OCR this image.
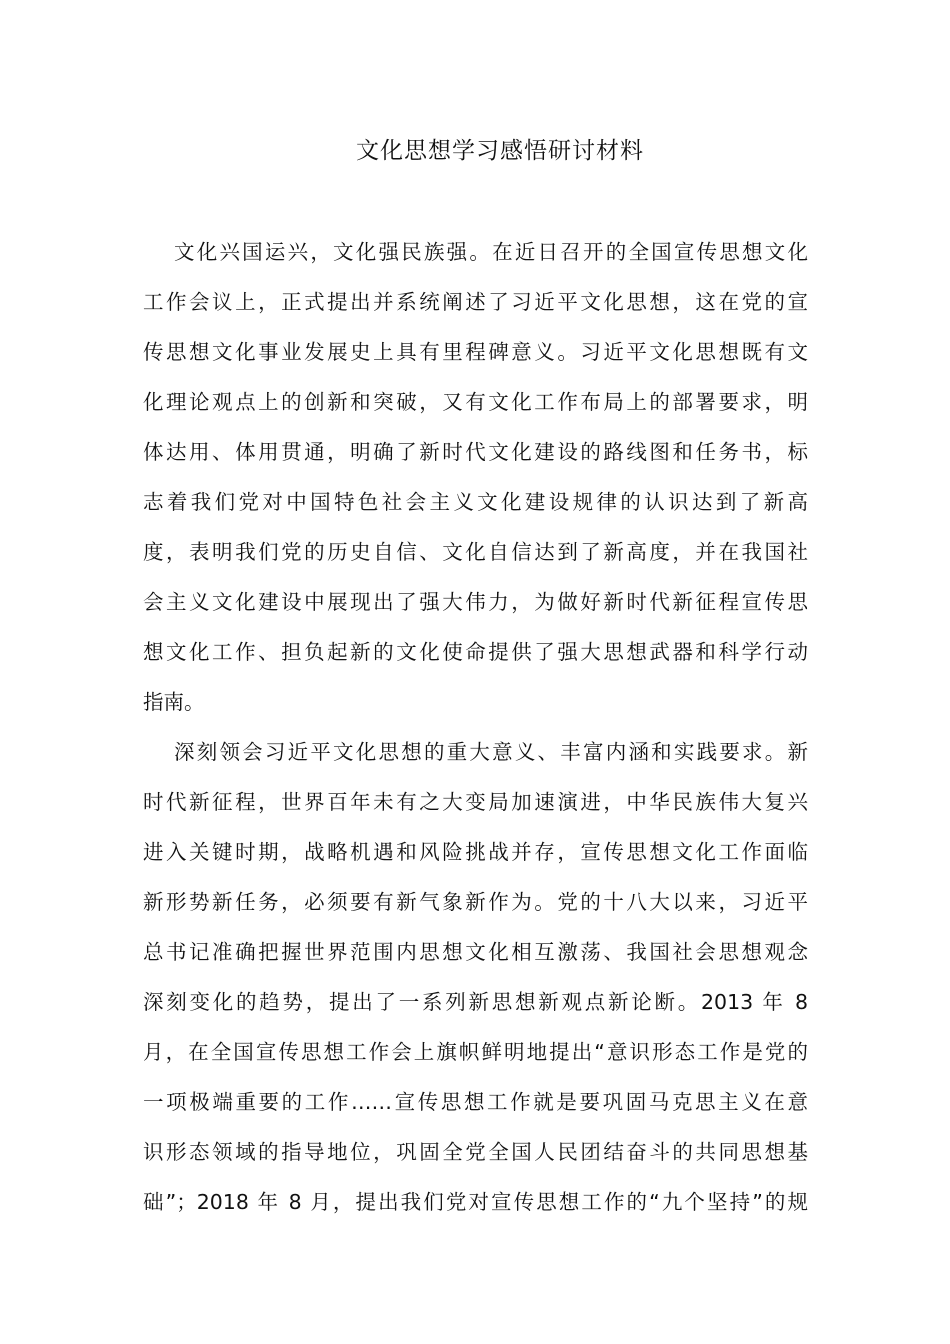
文化思想学习感悟研讨材料
文化兴国运兴，文化强民族强。在近日召开的全国宣传思想文化
工作会议上，正式提出并系统阐述了习近平文化思想，这在党的宣
传思想文化事业发展史上具有里程碑意义。习近平文化思想既有文
化理论观点上的创新和突破，又有文化工作布局上的部署要求，明
体达用、体用贯通，明确了新时代文化建设的路线图和任务书，标
志着我们党对中国特色社会主义文化建设规律的认识达到了新高
度，表明我们党的历史自信、文化自信达到了新高度，并在我国社
会主义文化建设中展现出了强大伟力，为做好新时代新征程宣传思
想文化工作、担负起新的文化使命提供了强大思想武器和科学行动
指南。
深刻领会习近平文化思想的重大意义、丰富内涵和实践要求。新
时代新征程，世界百年未有之大变局加速演进，中华民族伟大复兴
进入关键时期，战略机遇和风险挑战并存，宣传思想文化工作面临
新形势新任务，必须要有新气象新作为。党的十八大以来，习近平
总书记准确把握世界范围内思想文化相互激荡、我国社会思想观念
深刻变化的趋势，提出了一系列新思想新观点新论断。2013 年 8
月，在全国宣传思想工作会上旗帜鲜明地提出“意识形态工作是党的
一项极端重要的工作……宣传思想工作就是要巩固马克思主义在意
识形态领域的指导地位，巩固全党全国人民团结奋斗的共同思想基
础”；2018 年 8 月，提出我们党对宣传思想工作的“九个坚持”的规
